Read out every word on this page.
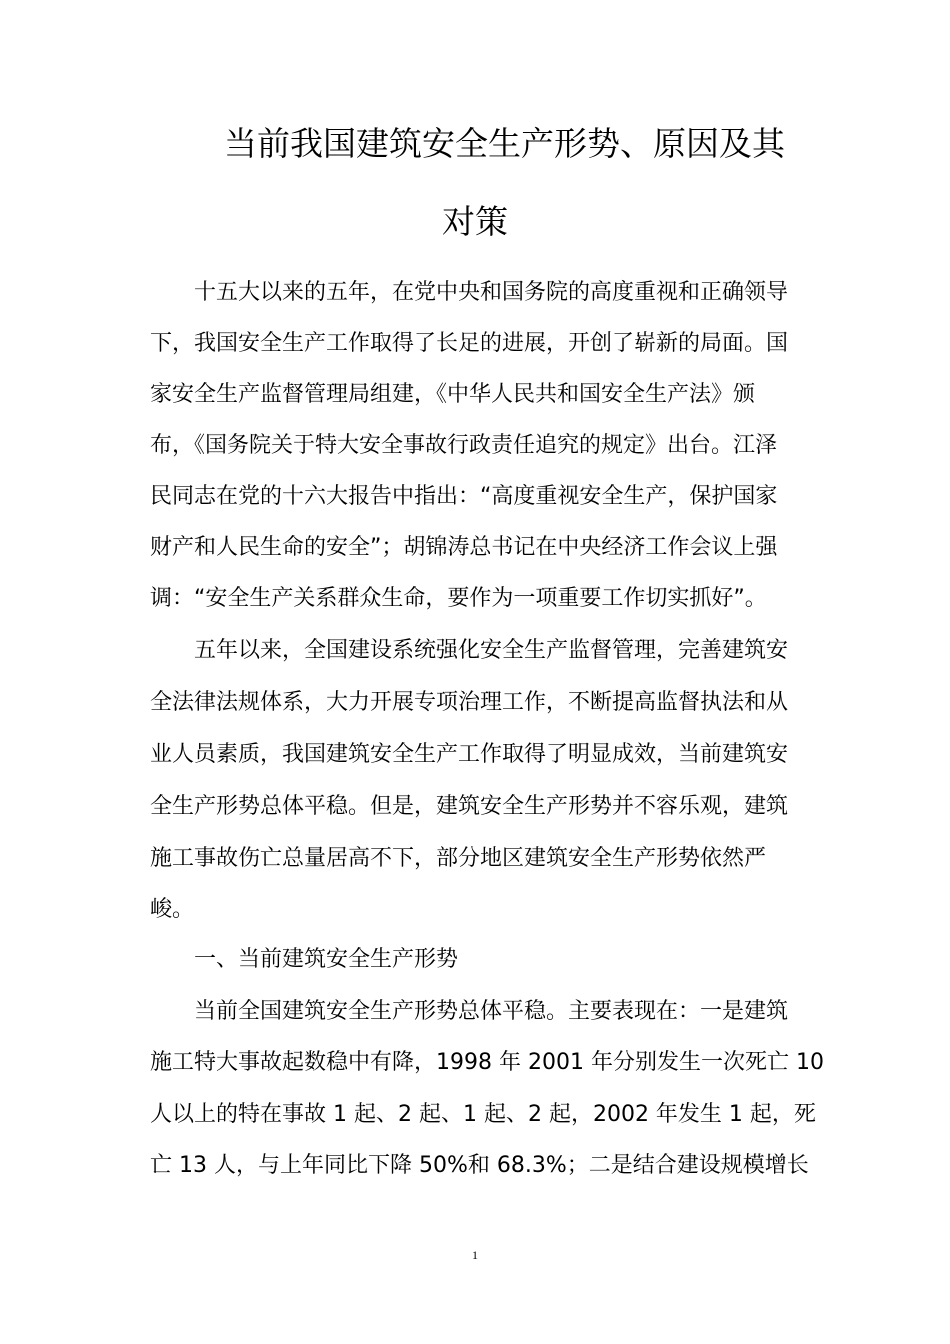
当前我国建筑安全生产形势、原因及其
对策

十五大以来的五年，在党中央和国务院的高度重视和正确领导

下，我国安全生产工作取得了长足的进展，开创了崭新的局面。国

家安全生产监督管理局组建，《中华人民共和国安全生产法》颁

布，《国务院关于特大安全事故行政责任追究的规定》出台。江泽

民同志在党的十六大报告中指出：“高度重视安全生产，保护国家

财产和人民生命的安全”；胡锦涛总书记在中央经济工作会议上强

调：“安全生产关系群众生命，要作为一项重要工作切实抓好”。

五年以来，全国建设系统强化安全生产监督管理，完善建筑安

全法律法规体系，大力开展专项治理工作，不断提高监督执法和从

业人员素质，我国建筑安全生产工作取得了明显成效，当前建筑安

全生产形势总体平稳。但是，建筑安全生产形势并不容乐观，建筑

施工事故伤亡总量居高不下，部分地区建筑安全生产形势依然严

峻。

一、当前建筑安全生产形势

当前全国建筑安全生产形势总体平稳。主要表现在：一是建筑

施工特大事故起数稳中有降，1998 年 2001 年分别发生一次死亡 10

人以上的特在事故 1 起、2 起、1 起、2 起，2002 年发生 1 起，死

亡 13 人，与上年同比下降 50%和 68.3%；二是结合建设规模增长

1
